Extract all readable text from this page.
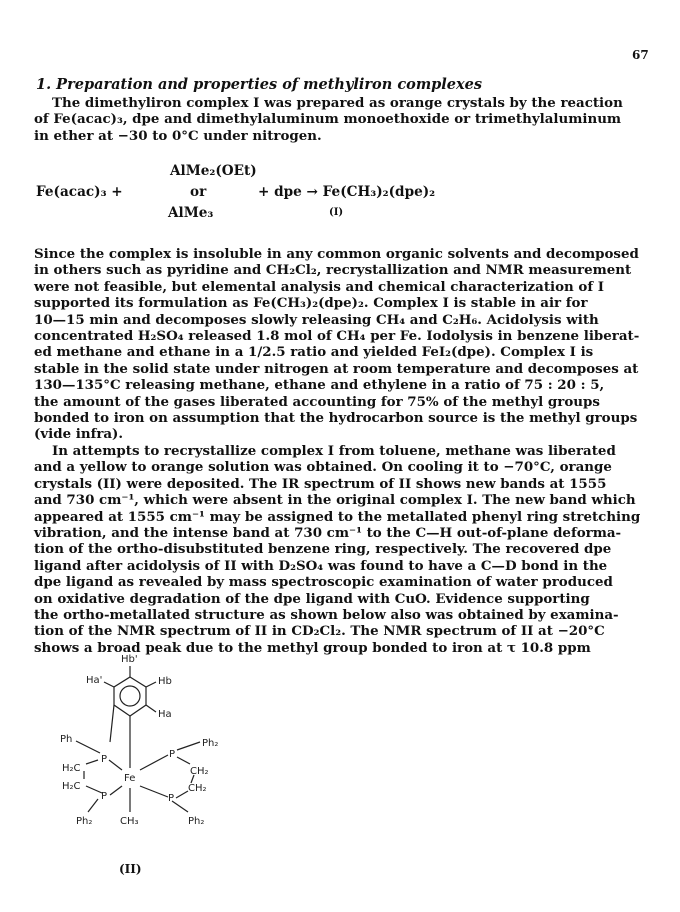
67
1. Preparation and properties of methyliron complexes

The dimethyliron complex I was prepared as orange crystals by the reaction

of Fe(acac)₃, dpe and dimethylaluminum monoethoxide or trimethylaluminum

in ether at −30 to 0°C under nitrogen.

AlMe₂(OEt)
Fe(acac)₃ +	or	+ dpe → Fe(CH₃)₂(dpe)₂
AlMe₃	(I)

Since the complex is insoluble in any common organic solvents and decomposed

in others such as pyridine and CH₂Cl₂, recrystallization and NMR measurement

were not feasible, but elemental analysis and chemical characterization of I

supported its formulation as Fe(CH₃)₂(dpe)₂. Complex I is stable in air for

10—15 min and decomposes slowly releasing CH₄ and C₂H₆. Acidolysis with

concentrated H₂SO₄ released 1.8 mol of CH₄ per Fe. Iodolysis in benzene liberat-

ed methane and ethane in a 1/2.5 ratio and yielded FeI₂(dpe). Complex I is

stable in the solid state under nitrogen at room temperature and decomposes at

130—135°C releasing methane, ethane and ethylene in a ratio of 75 : 20 : 5,

the amount of the gases liberated accounting for 75% of the methyl groups

bonded to iron on assumption that the hydrocarbon source is the methyl groups

(vide infra).

In attempts to recrystallize complex I from toluene, methane was liberated

and a yellow to orange solution was obtained. On cooling it to −70°C, orange

crystals (II) were deposited. The IR spectrum of II shows new bands at 1555

and 730 cm⁻¹, which were absent in the original complex I. The new band which

appeared at 1555 cm⁻¹ may be assigned to the metallated phenyl ring stretching

vibration, and the intense band at 730 cm⁻¹ to the C—H out-of-plane deforma-

tion of the ortho-disubstituted benzene ring, respectively. The recovered dpe

ligand after acidolysis of II with D₂SO₄ was found to have a C—D bond in the

dpe ligand as revealed by mass spectroscopic examination of water produced

on oxidative degradation of the dpe ligand with CuO. Evidence supporting

the ortho-metallated structure as shown below also was obtained by examina-

tion of the NMR spectrum of II in CD₂Cl₂. The NMR spectrum of II at −20°C

shows a broad peak due to the methyl group bonded to iron at τ 10.8 ppm

Hb'
Ha'	Hb
Ha
Ph	Ph₂
P	P
H₂C
Fe
CH₂
H₂C	CH₂
P	P
Ph₂	CH₃	Ph₂
(II)
